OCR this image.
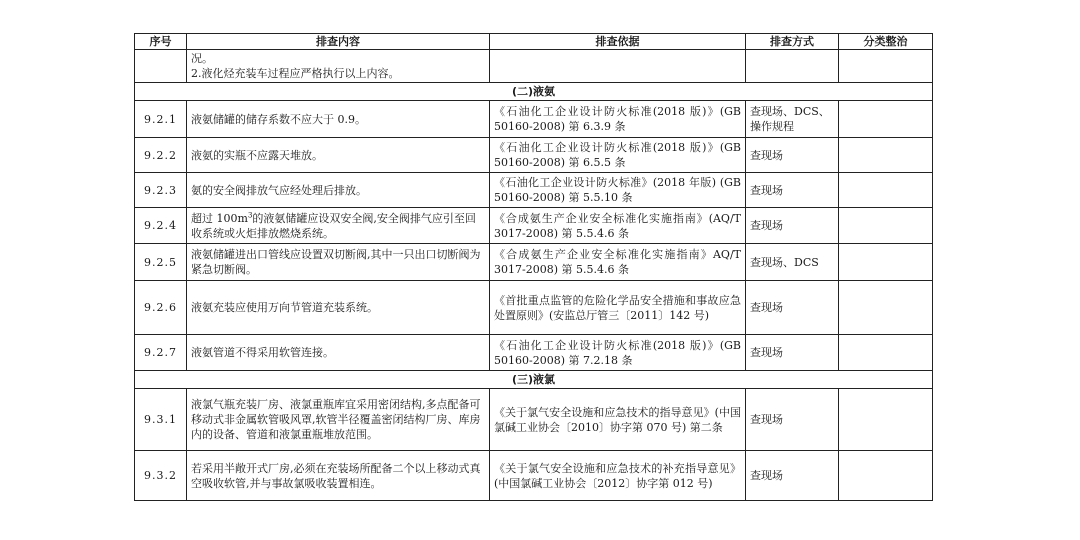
序号	排查内容	排查依据	排查方式	分类整治

	况。
2.液化烃充装车过程应严格执行以上内容。			

(二)液氨				
9.2.1	液氨储罐的储存系数不应大于 0.9。	《石油化工企业设计防火标准(2018 版)》(GB 50160-2008) 第 6.3.9 条	查现场、DCS、操作规程	
9.2.2	液氨的实瓶不应露天堆放。	《石油化工企业设计防火标准(2018 版)》(GB 50160-2008) 第 6.5.5 条	查现场	
9.2.3	氨的安全阀排放气应经处理后排放。	《石油化工企业设计防火标准》(2018 年版) (GB 50160-2008) 第 5.5.10 条	查现场	
9.2.4	超过 $100m^3$的液氨储罐应设双安全阀,安全阀排气应引至回收系统或火炬排放燃烧系统。	《合成氨生产企业安全标准化实施指南》(AQ/T 3017-2008) 第 5.5.4.6 条	查现场	
9.2.5	液氨储罐进出口管线应设置双切断阀,其中一只出口切断阀为紧急切断阀。	《合成氨生产企业安全标准化实施指南》AQ/T 3017-2008) 第 5.5.4.6 条	查现场、DCS	
9.2.6	液氨充装应使用万向节管道充装系统。	《首批重点监管的危险化学品安全措施和事故应急处置原则》(安监总厅管三〔2011〕142 号)	查现场	
9.2.7	液氨管道不得采用软管连接。	《石油化工企业设计防火标准(2018 版)》(GB 50160-2008) 第 7.2.18 条	查现场	
(三)液氯				
9.3.1	液氯气瓶充装厂房、液氯重瓶库宜采用密闭结构,多点配备可移动式非金属软管吸风罩,软管半径覆盖密闭结构厂房、库房内的设备、管道和液氯重瓶堆放范围。	《关于氯气安全设施和应急技术的指导意见》(中国氯碱工业协会〔2010〕协字第 070 号) 第二条	查现场	
9.3.2	若采用半敞开式厂房,必须在充装场所配备二个以上移动式真空吸收软管,并与事故氯吸收装置相连。	《关于氯气安全设施和应急技术的补充指导意见》(中国氯碱工业协会〔2012〕协字第 012 号)	查现场	
